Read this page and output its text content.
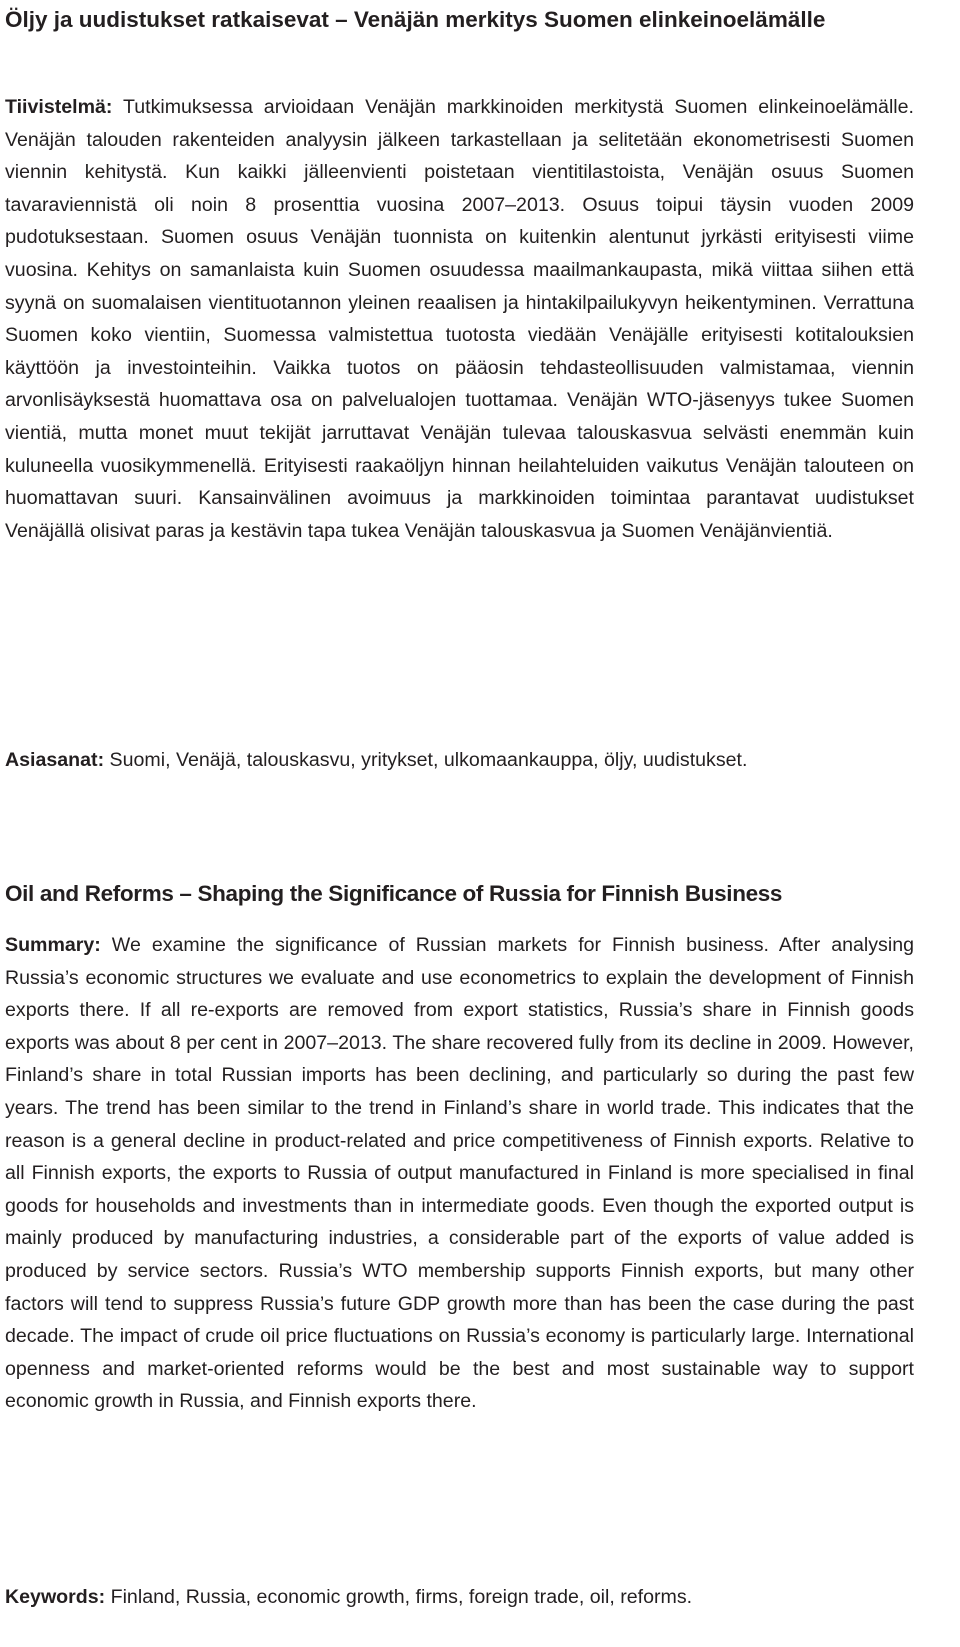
Öljy ja uudistukset ratkaisevat – Venäjän merkitys Suomen elinkeinoelämälle

Tiivistelmä: Tutkimuksessa arvioidaan Venäjän markkinoiden merkitystä Suomen elinkeinoelämälle. Venäjän talouden rakenteiden analyysin jälkeen tarkastellaan ja selitetään ekonometrisesti Suomen viennin kehitystä. Kun kaikki jälleenvienti poistetaan vientitilastoista, Venäjän osuus Suomen tavaraviennistä oli noin 8 prosenttia vuosina 2007–2013. Osuus toipui täysin vuoden 2009 pudotuksestaan. Suomen osuus Venäjän tuonnista on kuitenkin alentunut jyrkästi erityisesti viime vuosina. Kehitys on samanlaista kuin Suomen osuudessa maailmankaupasta, mikä viittaa siihen että syynä on suomalaisen vientituotannon yleinen reaalisen ja hintakilpailukyvyn heikentyminen. Verrattuna Suomen koko vientiin, Suomessa valmistettua tuotosta viedään Venäjälle erityisesti kotitalouksien käyttöön ja investointeihin. Vaikka tuotos on pääosin tehdasteollisuuden valmistamaa, viennin arvonlisäyksestä huomattava osa on palvelualojen tuottamaa. Venäjän WTO-jäsenyys tukee Suomen vientiä, mutta monet muut tekijät jarruttavat Venäjän tulevaa talouskasvua selvästi enemmän kuin kuluneella vuosikymmenellä. Erityisesti raakaöljyn hinnan heilahteluiden vaikutus Venäjän talouteen on huomattavan suuri. Kansainvälinen avoimuus ja markkinoiden toimintaa parantavat uudistukset Venäjällä olisivat paras ja kestävin tapa tukea Venäjän talouskasvua ja Suomen Venäjänvientiä.

Asiasanat: Suomi, Venäjä, talouskasvu, yritykset, ulkomaankauppa, öljy, uudistukset.

Oil and Reforms – Shaping the Significance of Russia for Finnish Business

Summary: We examine the significance of Russian markets for Finnish business. After analysing Russia’s economic structures we evaluate and use econometrics to explain the development of Finnish exports there. If all re-exports are removed from export statistics, Russia’s share in Finnish goods exports was about 8 per cent in 2007–2013. The share recovered fully from its decline in 2009. However, Finland’s share in total Russian imports has been declining, and particularly so during the past few years. The trend has been similar to the trend in Finland’s share in world trade. This indicates that the reason is a general decline in product-related and price competitiveness of Finnish exports. Relative to all Finnish exports, the exports to Russia of output manufactured in Finland is more specialised in final goods for households and investments than in intermediate goods. Even though the exported output is mainly produced by manufacturing industries, a considerable part of the exports of value added is produced by service sectors. Russia’s WTO membership supports Finnish exports, but many other factors will tend to suppress Russia’s future GDP growth more than has been the case during the past decade. The impact of crude oil price fluctuations on Russia’s economy is particularly large. International openness and market-oriented reforms would be the best and most sustainable way to support economic growth in Russia, and Finnish exports there.

Keywords: Finland, Russia, economic growth, firms, foreign trade, oil, reforms.
